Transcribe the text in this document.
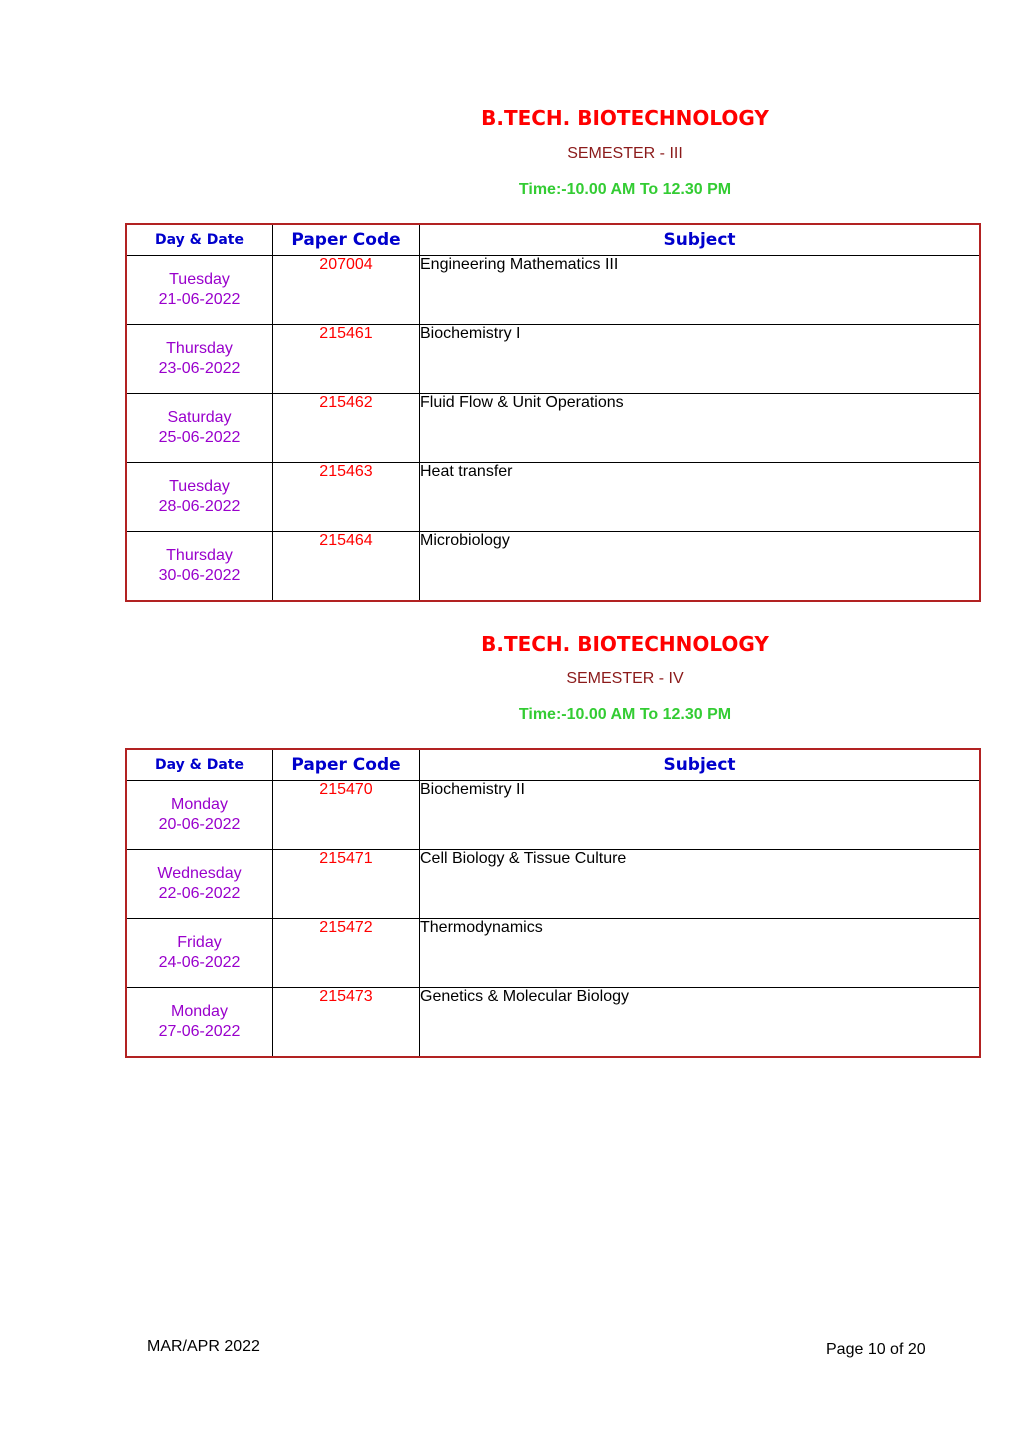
B.TECH. BIOTECHNOLOGY
SEMESTER - III
Time:-10.00 AM To 12.30 PM
Day & Date	Paper Code	Subject
Tuesday
21-06-2022	207004	Engineering Mathematics III
Thursday
23-06-2022	215461	Biochemistry I
Saturday
25-06-2022	215462	Fluid Flow & Unit Operations
Tuesday
28-06-2022	215463	Heat transfer
Thursday
30-06-2022	215464	Microbiology
B.TECH. BIOTECHNOLOGY
SEMESTER - IV
Time:-10.00 AM To 12.30 PM
Day & Date	Paper Code	Subject
Monday
20-06-2022	215470	Biochemistry II
Wednesday
22-06-2022	215471	Cell Biology & Tissue Culture
Friday
24-06-2022	215472	Thermodynamics
Monday
27-06-2022	215473	Genetics & Molecular Biology
MAR/APR 2022	Page 10 of 20
